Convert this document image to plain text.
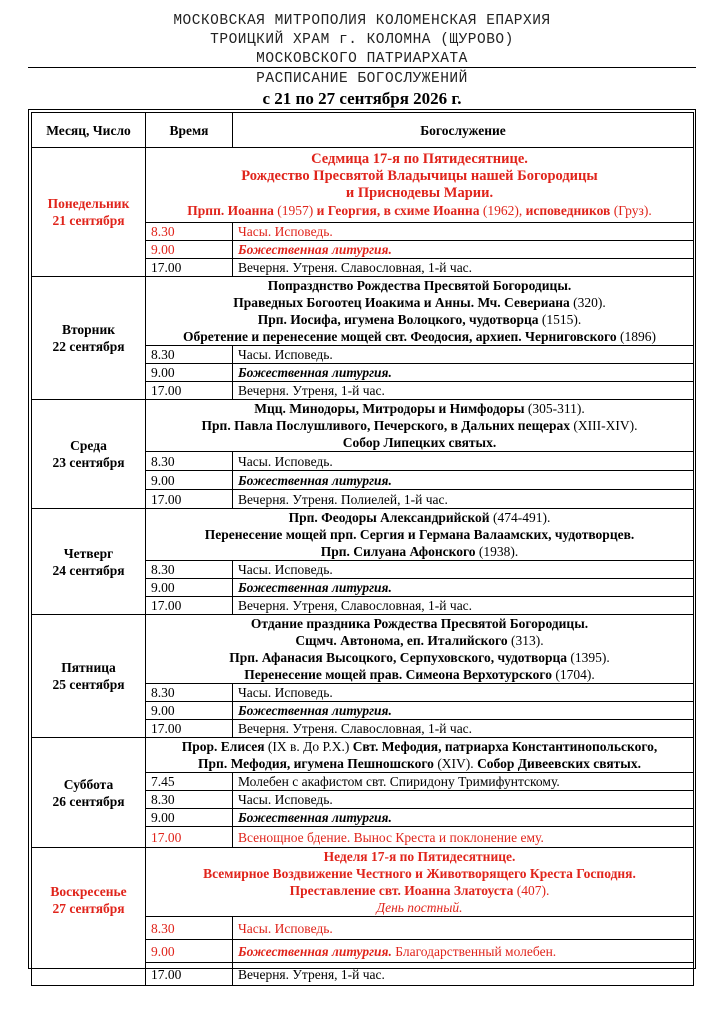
МОСКОВСКАЯ МИТРОПОЛИЯ КОЛОМЕНСКАЯ ЕПАРХИЯ
ТРОИЦКИЙ ХРАМ г. КОЛОМНА (ЩУРОВО)
МОСКОВСКОГО ПАТРИАРХАТА
РАСПИСАНИЕ БОГОСЛУЖЕНИЙ
с 21 по 27 сентября 2026 г.
Месяц, Число	Время	Богослужение

Понедельник
21 сентября	Седмица 17-я по Пятидесятнице.
Рождество Пресвятой Владычицы нашей Богородицы
и Приснодевы Марии.
Прпп. Иоанна (1957) и Георгия, в схиме Иоанна (1962), исповедников (Груз).	

	8.30	Часы. Исповедь.
	9.00	Божественная литургия.
	17.00	Вечерня. Утреня. Славословная, 1-й час.

Вторник
22 сентября	Попразднство Рождества Пресвятой Богородицы.
Праведных Богоотец Иоакима и Анны. Мч. Севериана (320).
Прп. Иосифа, игумена Волоцкого, чудотворца (1515).
Обретение и перенесение мощей свт. Феодосия, архиеп. Черниговского (1896)	

	8.30	Часы. Исповедь.
	9.00	Божественная литургия.
	17.00	Вечерня. Утреня, 1-й час.

Среда
23 сентября	Мцц. Минодоры, Митродоры и Нимфодоры (305-311).
Прп. Павла Послушливого, Печерского, в Дальних пещерах (XIII-XIV).
Собор Липецких святых.	

	8.30	Часы. Исповедь.
	9.00	Божественная литургия.
	17.00	Вечерня. Утреня. Полиелей, 1-й час.

Четверг
24 сентября	Прп. Феодоры Александрийской (474-491).
Перенесение мощей прп. Сергия и Германа Валаамских, чудотворцев.
Прп. Силуана Афонского (1938).	

	8.30	Часы. Исповедь.
	9.00	Божественная литургия.
	17.00	Вечерня. Утреня, Славословная, 1-й час.

Пятница
25 сентября	Отдание праздника Рождества Пресвятой Богородицы.
Сщмч. Автонома, еп. Италийского (313).
Прп. Афанасия Высоцкого, Серпуховского, чудотворца (1395).
Перенесение мощей прав. Симеона Верхотурского (1704).	

	8.30	Часы. Исповедь.
	9.00	Божественная литургия.
	17.00	Вечерня. Утреня. Славословная, 1-й час.

Суббота
26 сентября	Прор. Елисея (IX в. До Р.Х.) Свт. Мефодия, патриарха Константинопольского,
Прп. Мефодия, игумена Пешношского (XIV). Собор Дивеевских святых.	

	7.45	Молебен с акафистом свт. Спиридону Тримифунтскому.
	8.30	Часы. Исповедь.
	9.00	Божественная литургия.
	17.00	Всенощное бдение. Вынос Креста и поклонение ему.

Воскресенье
27 сентября	Неделя 17-я по Пятидесятнице.
Всемирное Воздвижение Честного и Животворящего Креста Господня.
Преставление свт. Иоанна Златоуста (407).
День постный.	

	8.30	Часы. Исповедь.
	9.00	Божественная литургия. Благодарственный молебен.
	17.00	Вечерня. Утреня, 1-й час.
